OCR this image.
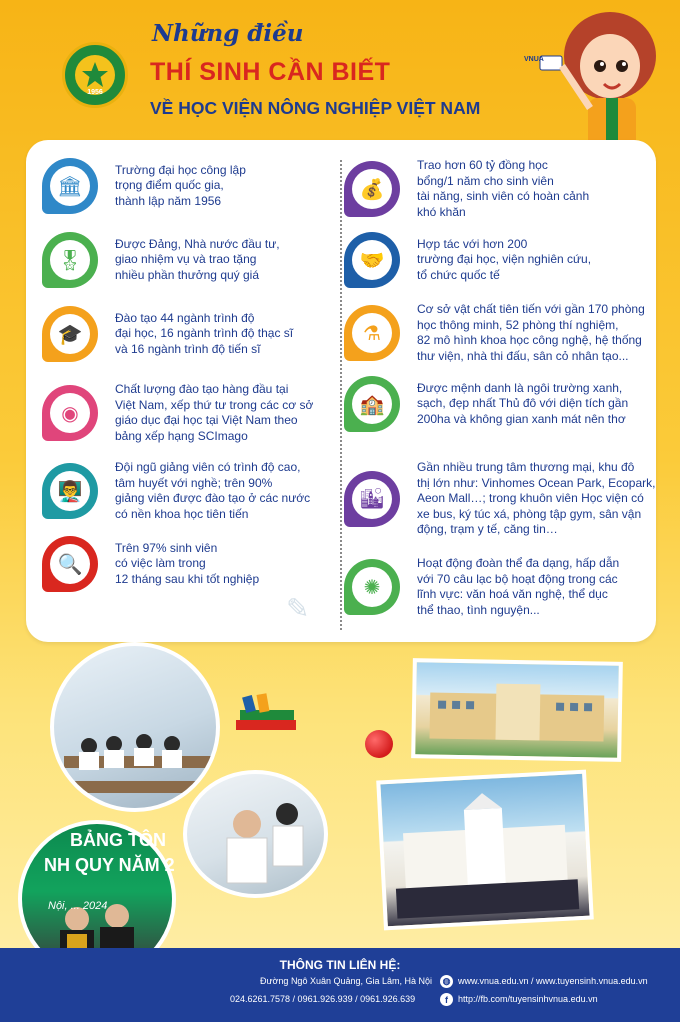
1956
Những điều
THÍ SINH CẦN BIẾT
VỀ HỌC VIỆN NÔNG NGHIỆP VIỆT NAM
VNUA
🏛
Trường đại học công lập
trọng điểm quốc gia,
thành lập năm 1956
🎖
Được Đảng, Nhà nước đầu tư,
giao nhiệm vụ và trao tặng
nhiều phần thưởng quý giá
🎓
Đào tạo 44 ngành trình độ
đại học, 16 ngành trình độ thạc sĩ
và 16 ngành trình độ tiến sĩ
◉
Chất lượng đào tạo hàng đầu tại
Việt Nam, xếp thứ tư trong các cơ sở
giáo dục đại học tại Việt Nam theo
bảng xếp hạng SCImago
👨‍🏫
Đội ngũ giảng viên có trình độ cao,
tâm huyết với nghề; trên 90%
giảng viên được đào tạo ở các nước
có nền khoa học tiên tiến
🔍
Trên 97% sinh viên
có việc làm trong
12 tháng sau khi tốt nghiệp
💰
Trao hơn 60 tỷ đồng học
bổng/1 năm cho sinh viên
tài năng, sinh viên có hoàn cảnh
khó khăn
🤝
Hợp tác với hơn 200
trường đại học, viện nghiên cứu,
tổ chức quốc tế
⚗
Cơ sở vật chất tiên tiến với gần 170 phòng
học thông minh, 52 phòng thí nghiệm,
82 mô hình khoa học công nghệ, hệ thống
thư viện, nhà thi đấu, sân cỏ nhân tạo...
🏫
Được mệnh danh là ngôi trường xanh,
sạch, đẹp nhất Thủ đô với diện tích gần
200ha và không gian xanh mát nên thơ
🏙
Gần nhiều trung tâm thương mại, khu đô
thị lớn như: Vinhomes Ocean Park, Ecopark,
Aeon Mall…; trong khuôn viên Học viện có
xe bus, ký túc xá, phòng tập gym, sân vận
động, trạm y tế, căng tin…
✺
Hoạt động đoàn thể đa dạng, hấp dẫn
với 70 câu lạc bộ hoạt động trong các
lĩnh vực: văn hoá văn nghệ, thể dục
thể thao, tình nguyện...
✎
BẢNG TÔN
NH QUY NĂM 2
Nội, ... 2024
THÔNG TIN LIÊN HỆ:
Đường Ngô Xuân Quảng, Gia Lâm, Hà Nội
024.6261.7578 / 0961.926.939 / 0961.926.639
◍ www.vnua.edu.vn / www.tuyensinh.vnua.edu.vn
f	http://fb.com/tuyensinhvnua.edu.vn
